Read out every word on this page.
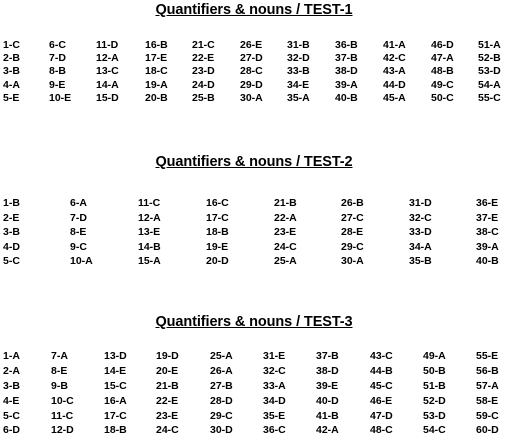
Quantifiers & nouns / TEST-1
1-C
2-B
3-B
4-A
5-E
6-C
7-D
8-B
9-E
10-E
11-D
12-A
13-C
14-A
15-D
16-B
17-E
18-C
19-A
20-B
21-C
22-E
23-D
24-D
25-B
26-E
27-D
28-C
29-D
30-A
31-B
32-D
33-B
34-E
35-A
36-B
37-B
38-D
39-A
40-B
41-A
42-C
43-A
44-D
45-A
46-D
47-A
48-B
49-C
50-C
51-A
52-B
53-D
54-A
55-C
Quantifiers & nouns / TEST-2
1-B
2-E
3-B
4-D
5-C
6-A
7-D
8-E
9-C
10-A
11-C
12-A
13-E
14-B
15-A
16-C
17-C
18-B
19-E
20-D
21-B
22-A
23-E
24-C
25-A
26-B
27-C
28-E
29-C
30-A
31-D
32-C
33-D
34-A
35-B
36-E
37-E
38-C
39-A
40-B
Quantifiers & nouns / TEST-3
1-A
2-A
3-B
4-E
5-C
6-D
7-A
8-E
9-B
10-C
11-C
12-D
13-D
14-E
15-C
16-A
17-C
18-B
19-D
20-E
21-B
22-E
23-E
24-C
25-A
26-A
27-B
28-D
29-C
30-D
31-E
32-C
33-A
34-D
35-E
36-C
37-B
38-D
39-E
40-D
41-B
42-A
43-C
44-B
45-C
46-E
47-D
48-C
49-A
50-B
51-B
52-D
53-D
54-C
55-E
56-B
57-A
58-E
59-C
60-D
